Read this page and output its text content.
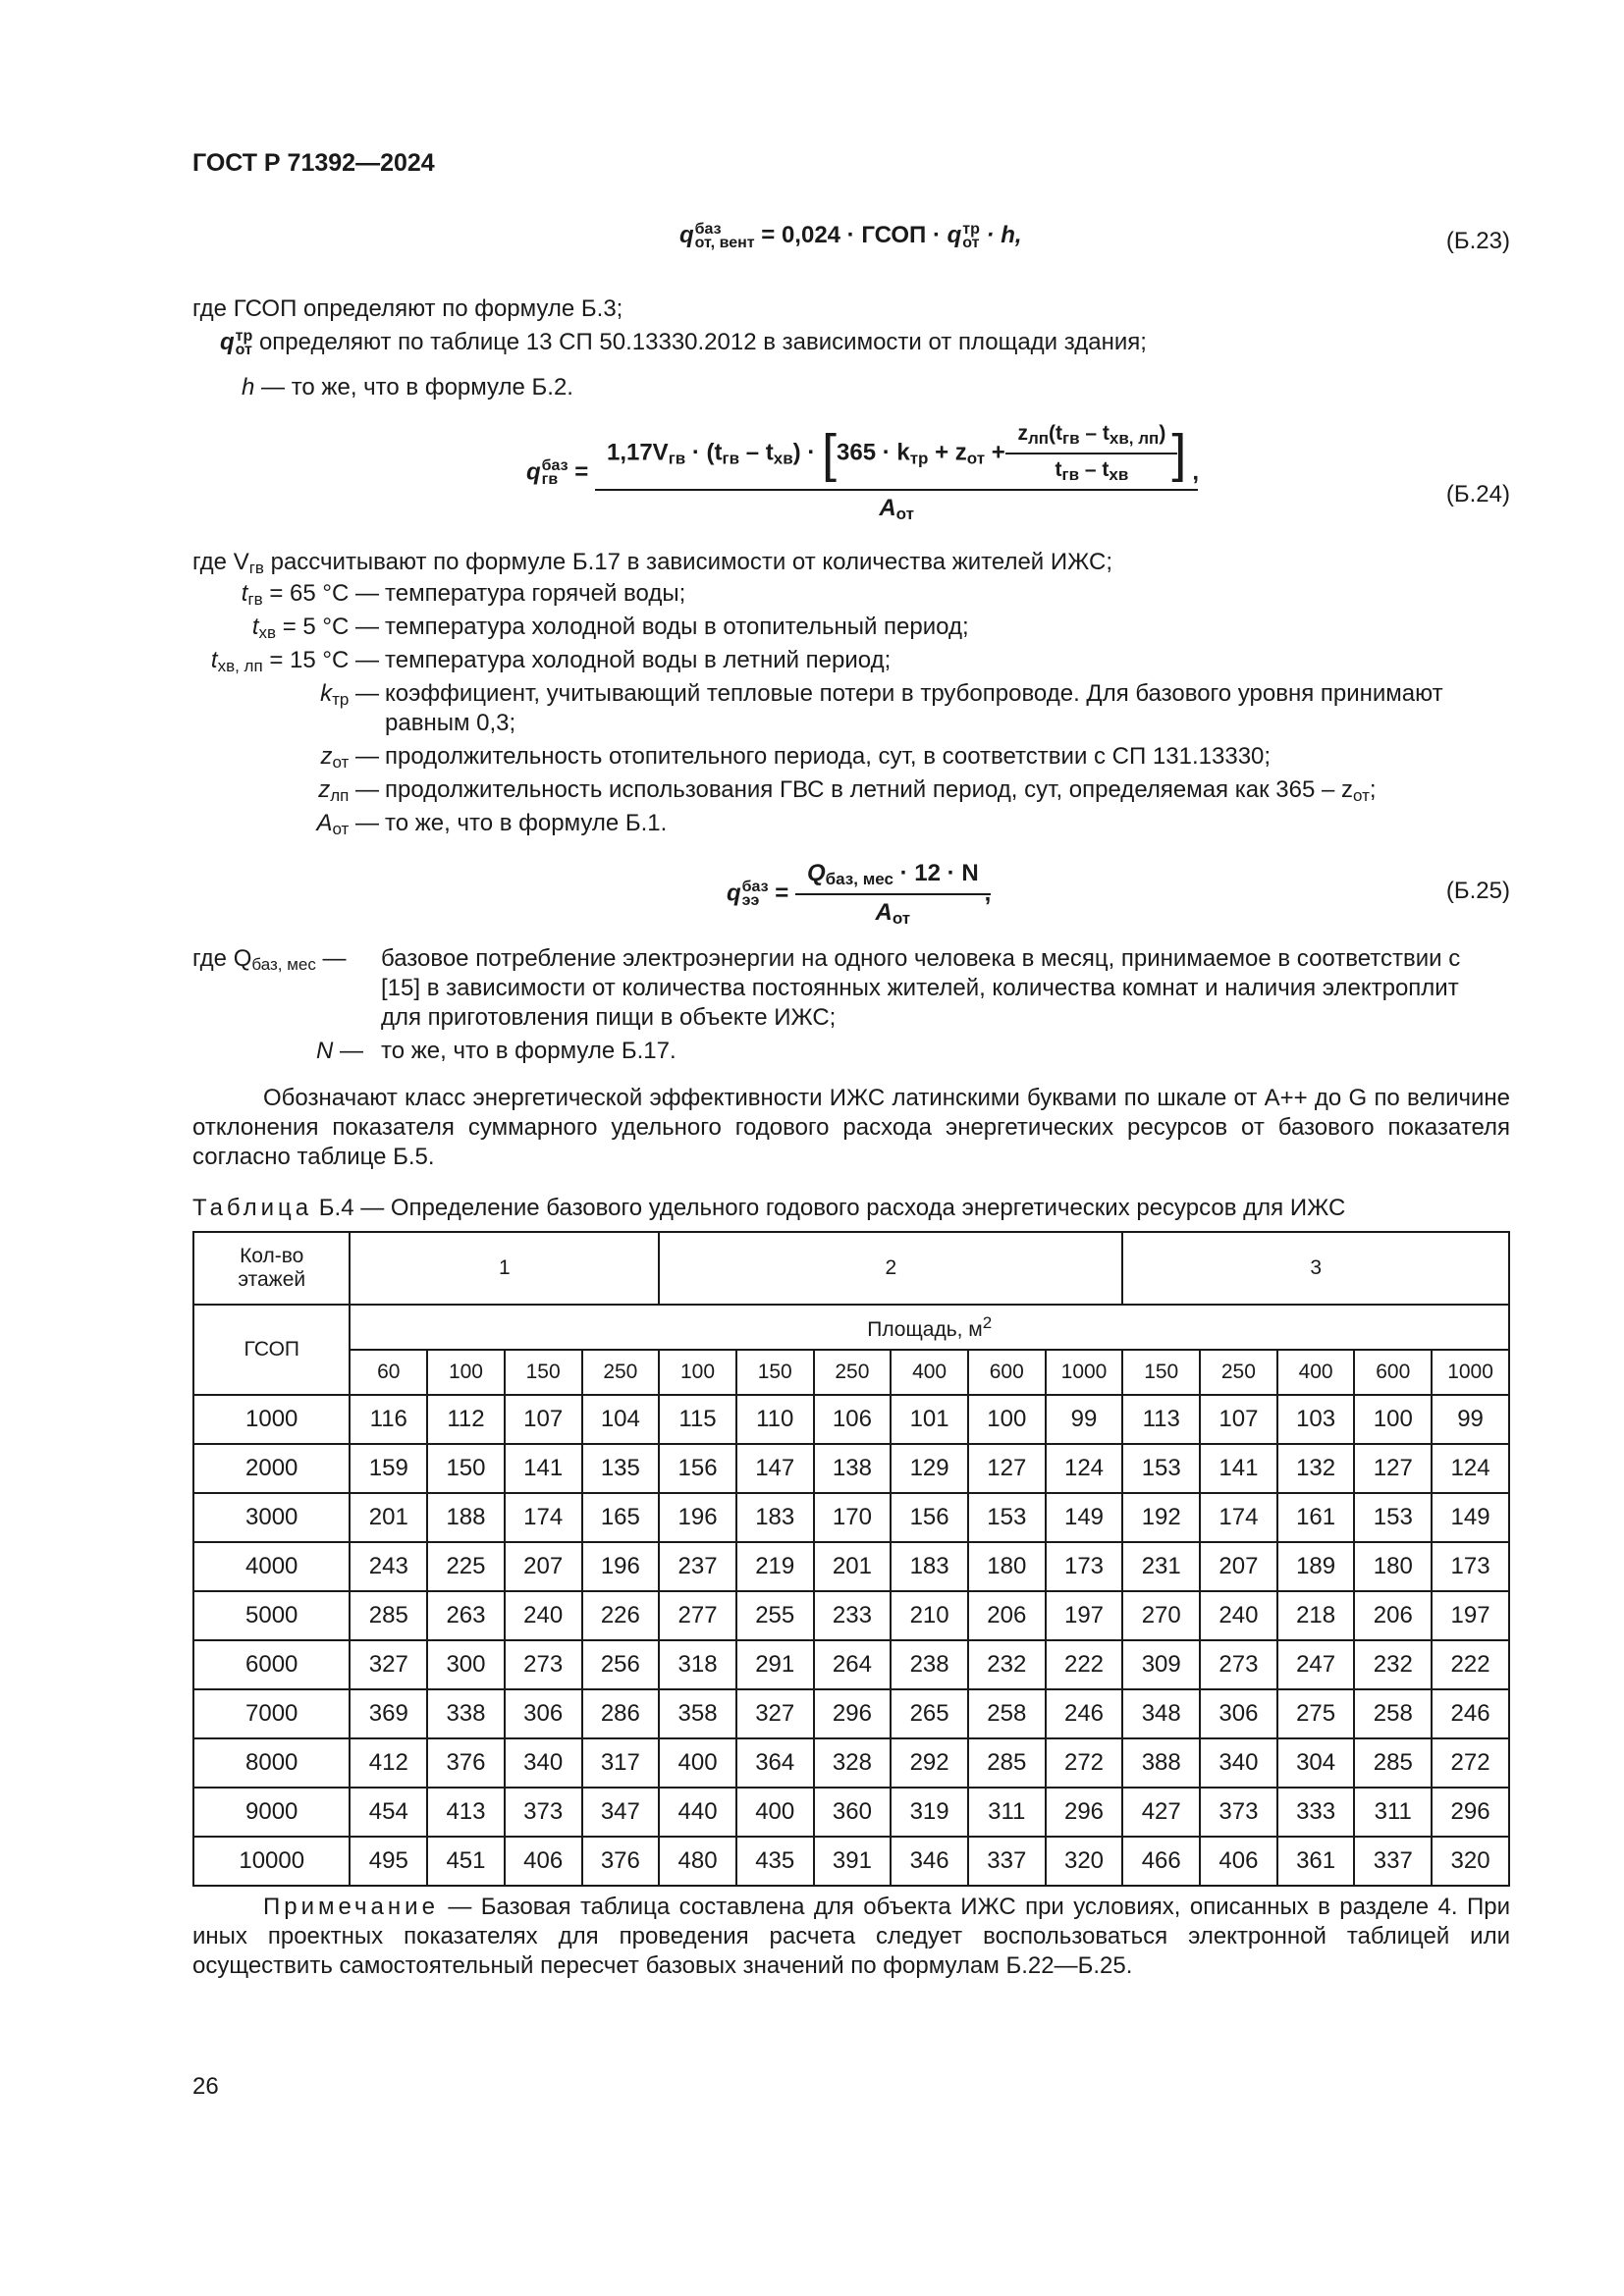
ГОСТ Р 71392—2024
q баз
от, вент = 0,024 · ГСОП · q тр
от · h,	(Б.23)
где ГСОП определяют по формуле Б.3;
q тр
от определяют по таблице 13 СП 50.13330.2012 в зависимости от площади здания;
h — то же, что в формуле Б.2.
q баз
гв =
$1,17V_{гв} \cdot (t_{гв} - t_{хв}) \cdot [365 \cdot k_{тр} + z_{от} + \frac{z_{лп}(t_{гв} - t_{хв, лп})}{t_{гв} - t_{хв}}$ ]
$A_{от}$
,
(Б.24)
где $V_{гв}$ рассчитывают по формуле Б.17 в зависимости от количества жителей ИЖС;
$t_{гв} = 65$ °C — температура горячей воды;
$t_{хв} = 5$ °C — температура холодной воды в отопительный период;
$t_{хв, лп} = 15$ °C — температура холодной воды в летний период;
$k_{тр}$ — коэффициент, учитывающий тепловые потери в трубопроводе. Для базового уровня принимают
равным 0,3;
$z_{от}$ — продолжительность отопительного периода, сут, в соответствии с СП 131.13330;
$z_{лп}$ — продолжительность использования ГВС в летний период, сут, определяемая как $365 - z_{от}$;
$A_{от}$ — то же, что в формуле Б.1.
q баз
ээ = $\frac{Q_{баз, мес} \cdot 12 \cdot N}{A_{от}}$ ,	(Б.25)
где $Q_{баз, мес}$ — базовое потребление электроэнергии на одного человека в месяц, принимаемое в соответствии с
[15] в зависимости от количества постоянных жителей, количества комнат и наличия электроплит
для приготовления пищи в объекте ИЖС;
N — то же, что в формуле Б.17.
Обозначают класс энергетической эффективности ИЖС латинскими буквами по шкале от А++ до G по величине отклонения показателя суммарного удельного годового расхода энергетических ресурсов от базового показателя согласно таблице Б.5.
Таблица Б.4 — Определение базового удельного годового расхода энергетических ресурсов для ИЖС
Кол-во этажей	1				2						3				
ГСОП	Площадь, $м^2$
	60	100	150	250	100	150	250	400	600	1000	150	250	400	600	1000
1000	116	112	107	104	115	110	106	101	100	99	113	107	103	100	99
2000	159	150	141	135	156	147	138	129	127	124	153	141	132	127	124
3000	201	188	174	165	196	183	170	156	153	149	192	174	161	153	149
4000	243	225	207	196	237	219	201	183	180	173	231	207	189	180	173
5000	285	263	240	226	277	255	233	210	206	197	270	240	218	206	197
6000	327	300	273	256	318	291	264	238	232	222	309	273	247	232	222
7000	369	338	306	286	358	327	296	265	258	246	348	306	275	258	246
8000	412	376	340	317	400	364	328	292	285	272	388	340	304	285	272
9000	454	413	373	347	440	400	360	319	311	296	427	373	333	311	296
10000	495	451	406	376	480	435	391	346	337	320	466	406	361	337	320
Примечание — Базовая таблица составлена для объекта ИЖС при условиях, описанных в разделе 4. При иных проектных показателях для проведения расчета следует воспользоваться электронной таблицей или осуществить самостоятельный пересчет базовых значений по формулам Б.22—Б.25.
26
